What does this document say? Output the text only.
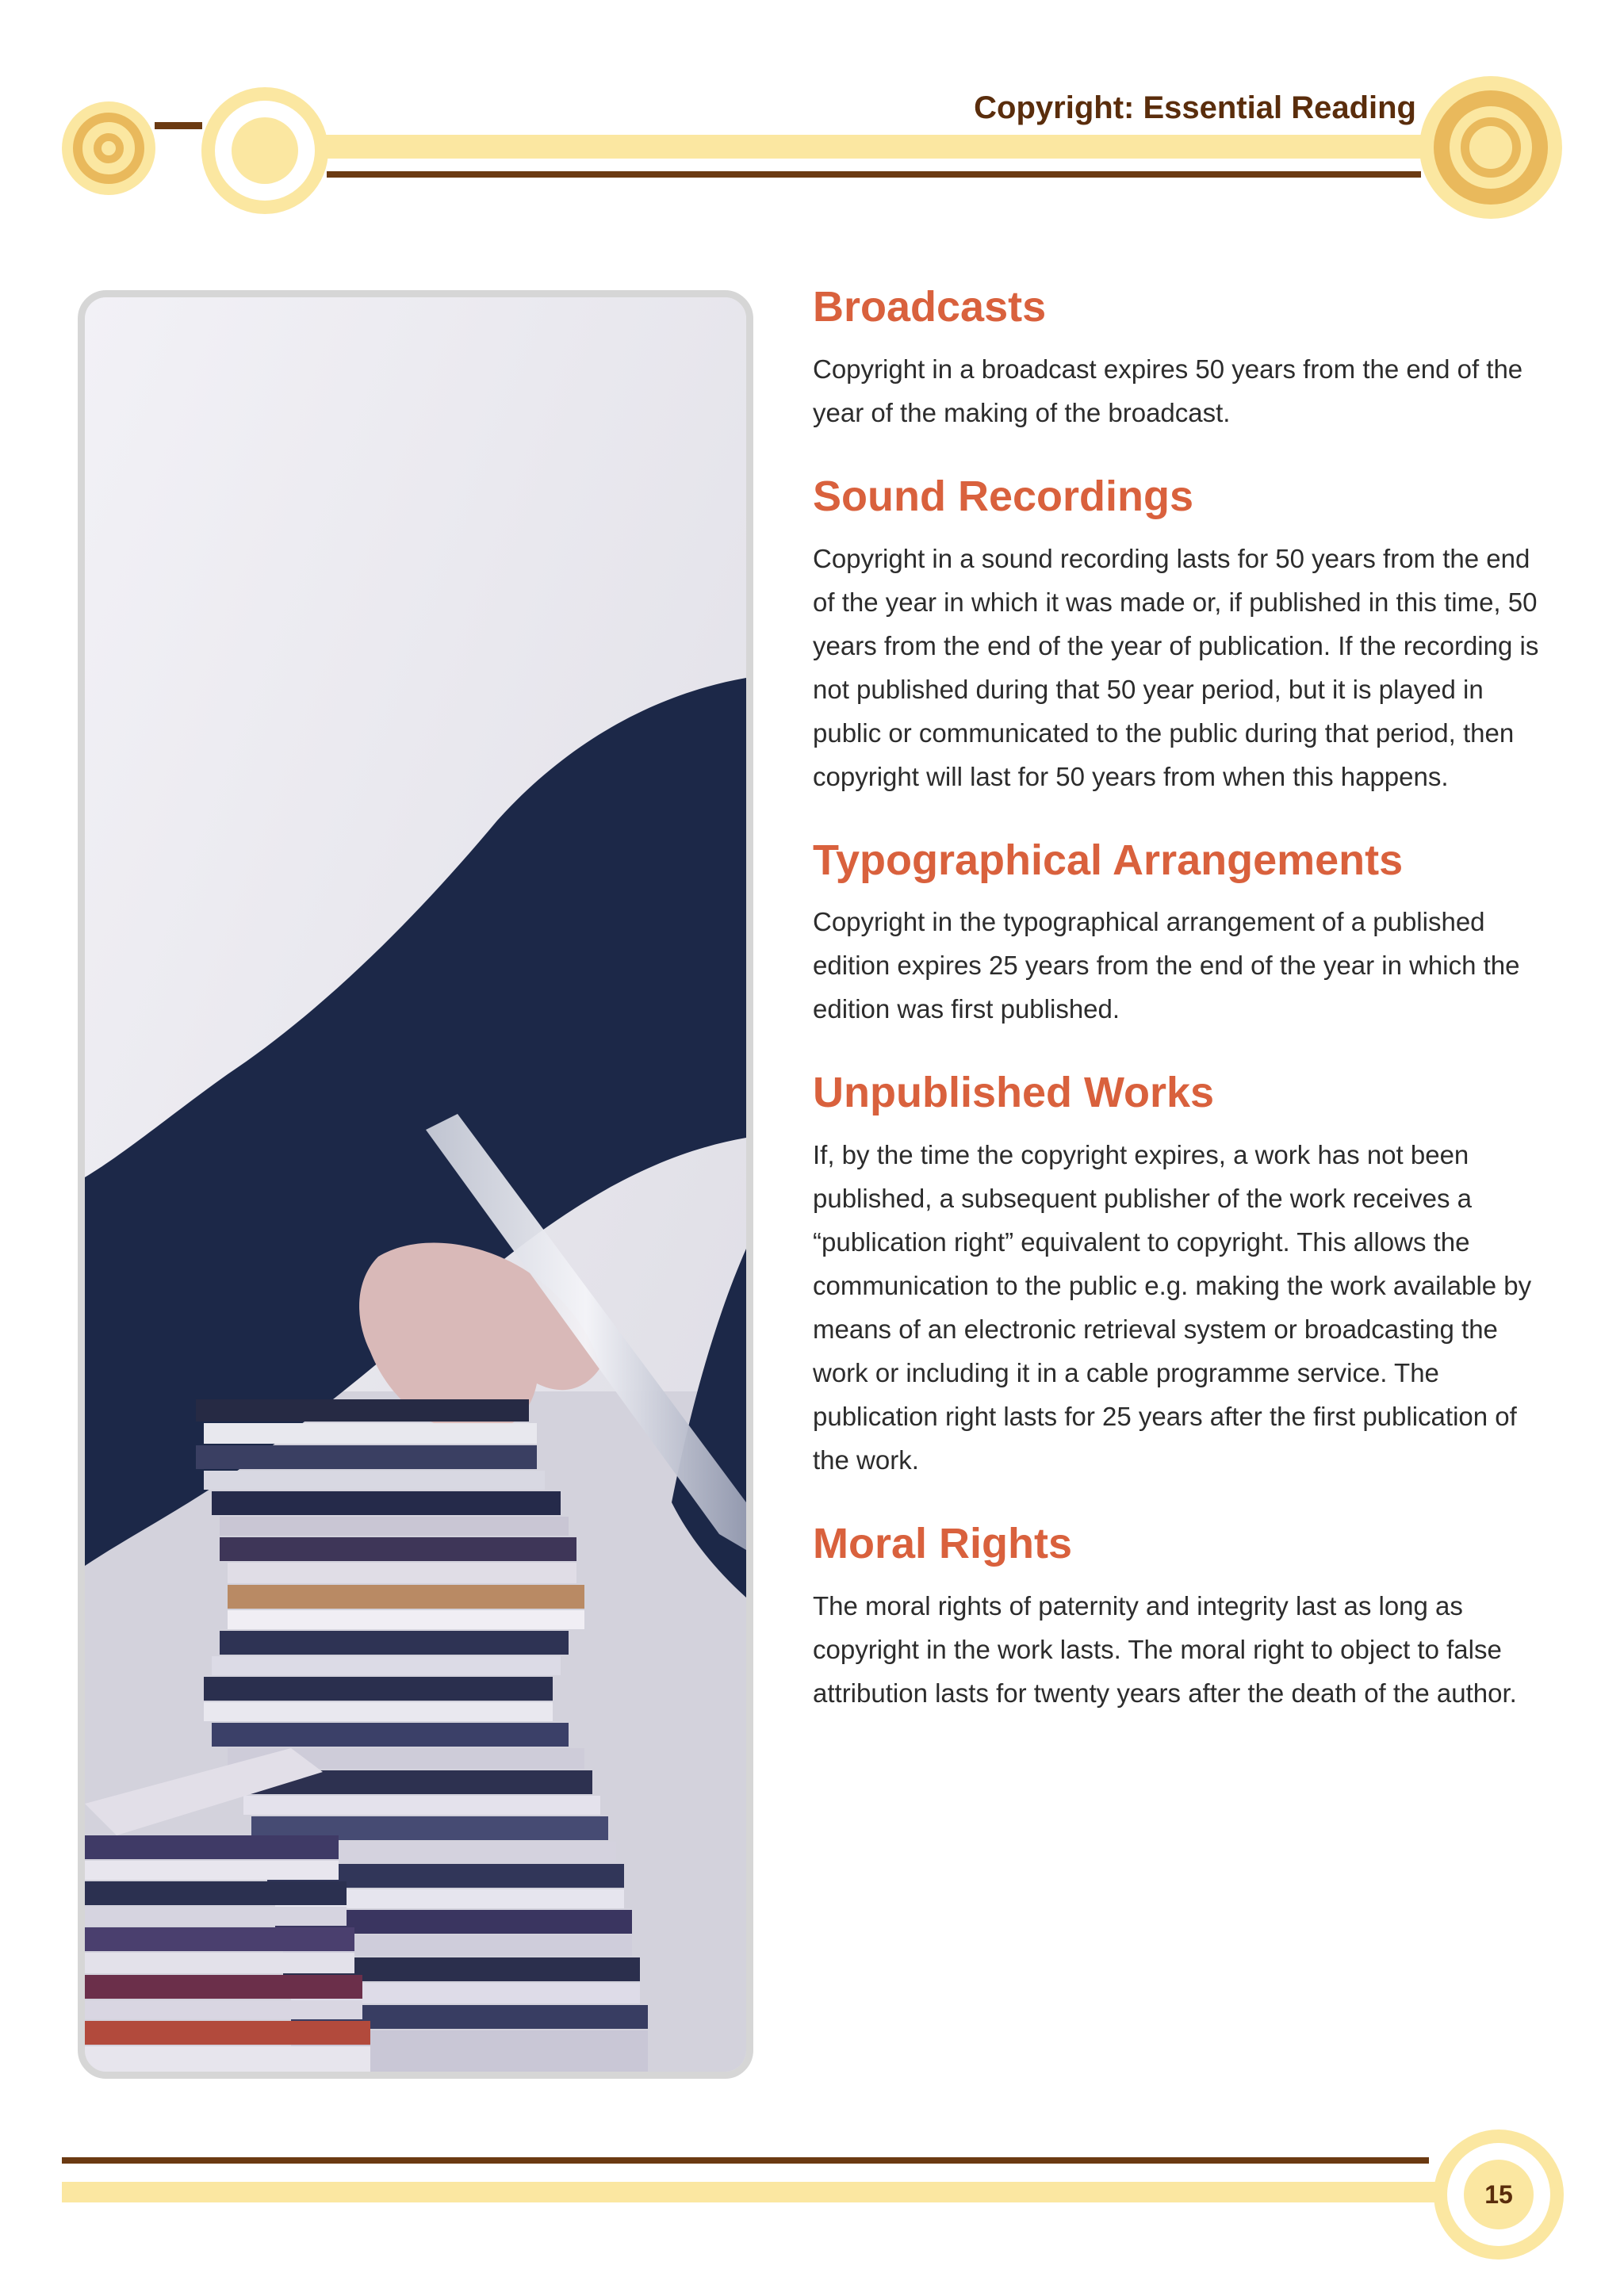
Copyright: Essential Reading
Broadcasts

Copyright in a broadcast expires 50 years from the end of the year of the making of the broadcast.

Sound Recordings

Copyright in a sound recording lasts for 50 years from the end of the year in which it was made or, if published in this time, 50 years from the end of the year of publication. If the recording is not published during that 50 year period, but it is played in public or communicated to the public during that period, then copyright will last for 50 years from when this happens.

Typographical Arrangements

Copyright in the typographical arrangement of a published edition expires 25 years from the end of the year in which the edition was first published.

Unpublished Works

If, by the time the copyright expires, a work has not been published, a subsequent publisher of the work receives a “publication right” equivalent to copyright. This allows the communication to the public e.g. making the work available by means of an electronic retrieval system or broadcasting the work or including it in a cable programme service. The publication right lasts for 25 years after the first publication of the work.

Moral Rights

The moral rights of paternity and integrity last as long as copyright in the work lasts. The moral right to object to false attribution lasts for twenty years after the death of the author.

15
